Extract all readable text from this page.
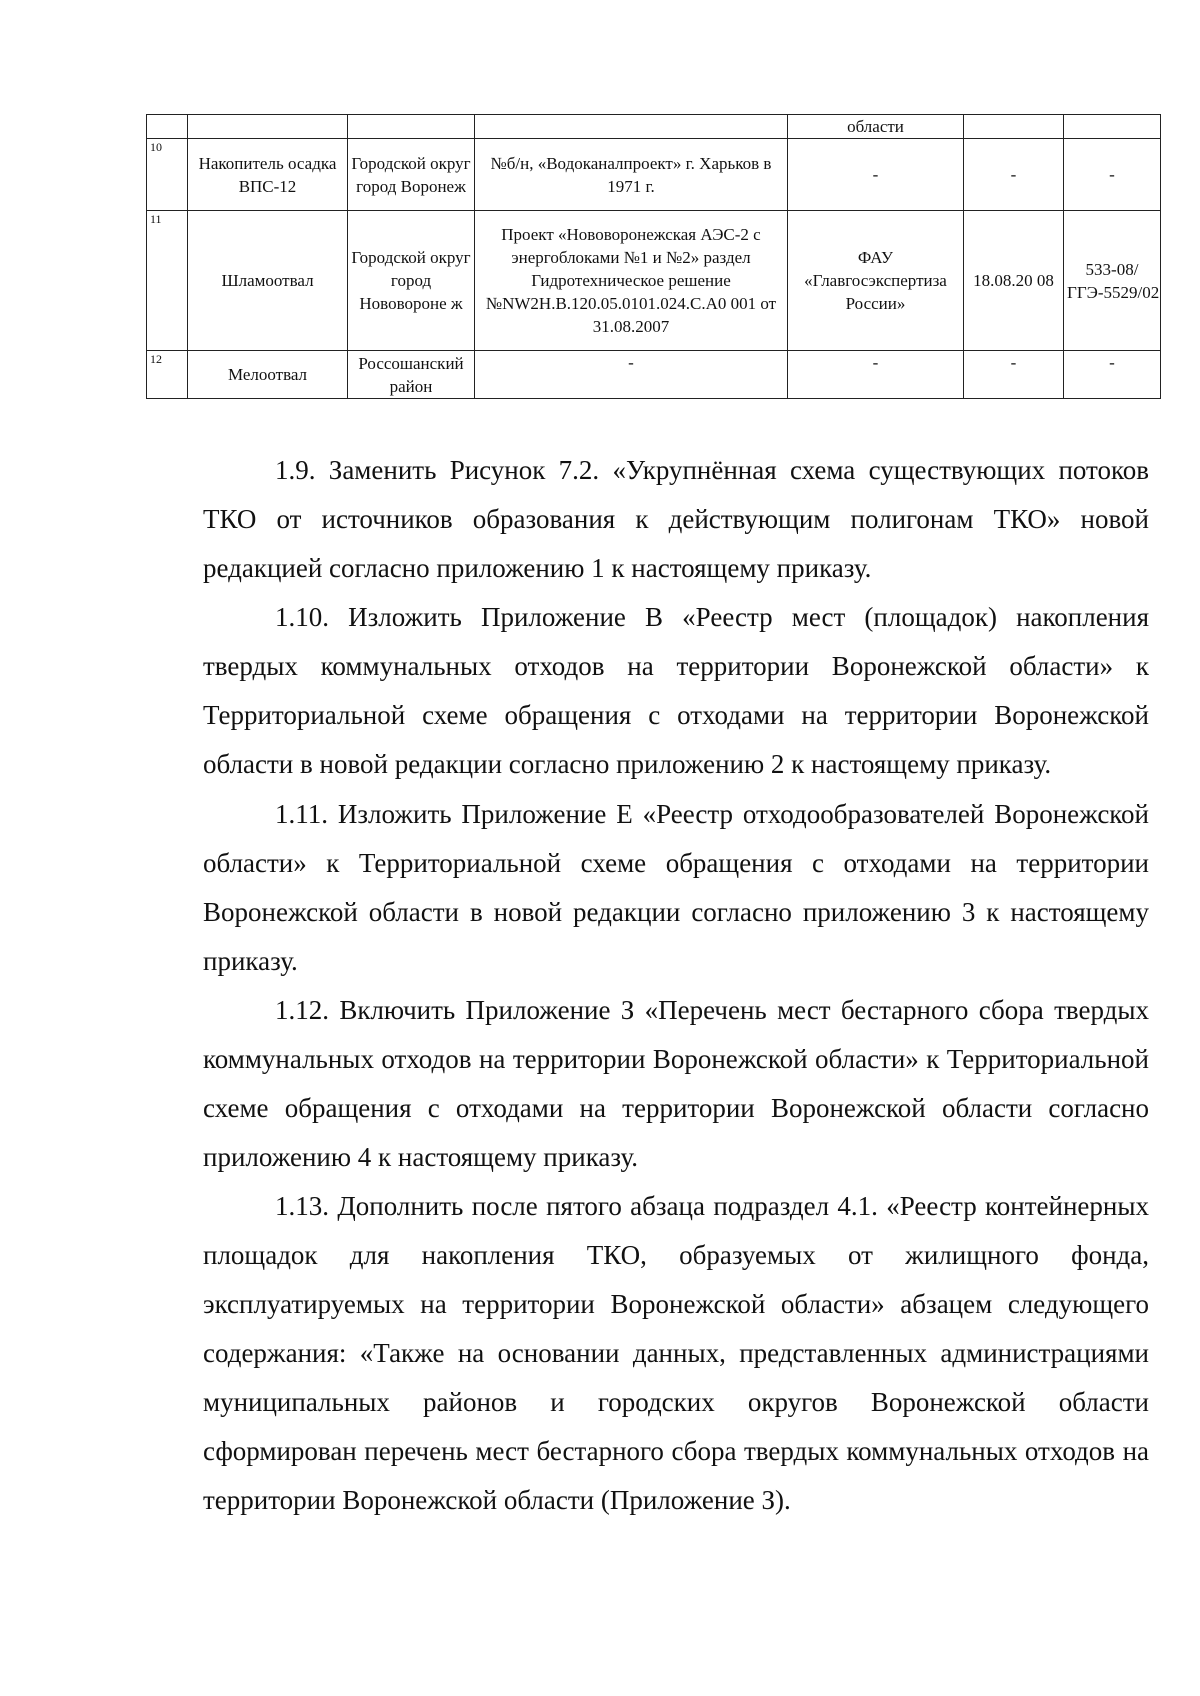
				области		
10	Накопитель осадка ВПС-12	Городской округ город Воронеж	№б/н, «Водоканалпроект» г. Харьков в 1971 г.	-	-	-
11	Шламоотвал	Городской округ город Нововороне ж	Проект «Нововоронежская АЭС-2 с энергоблоками №1 и №2» раздел Гидротехническое решение №NW2H.B.120.05.0101.024.C.A0 001 от 31.08.2007	ФАУ «Главгосэкспертиза России»	18.08.20 08	533-08/ГГЭ-5529/02
12	Мелоотвал	Россошанский район	-	-	-	-

1.9. Заменить Рисунок 7.2. «Укрупнённая схема существующих потоков ТКО от источников образования к действующим полигонам ТКО» новой редакцией согласно приложению 1 к настоящему приказу.

1.10. Изложить Приложение В «Реестр мест (площадок) накопления твердых коммунальных отходов на территории Воронежской области» к Территориальной схеме обращения с отходами на территории Воронежской области в новой редакции согласно приложению 2 к настоящему приказу.

1.11. Изложить Приложение Е «Реестр отходообразователей Воронежской области» к Территориальной схеме обращения с отходами на территории Воронежской области в новой редакции согласно приложению 3 к настоящему приказу.

1.12. Включить Приложение З «Перечень мест бестарного сбора твердых коммунальных отходов на территории Воронежской области» к Территориальной схеме обращения с отходами на территории Воронежской области согласно приложению 4 к настоящему приказу.

1.13. Дополнить после пятого абзаца подраздел 4.1. «Реестр контейнерных площадок для накопления ТКО, образуемых от жилищного фонда, эксплуатируемых на территории Воронежской области» абзацем следующего содержания: «Также на основании данных, представленных администрациями муниципальных районов и городских округов Воронежской области сформирован перечень мест бестарного сбора твердых коммунальных отходов на территории Воронежской области (Приложение З).
